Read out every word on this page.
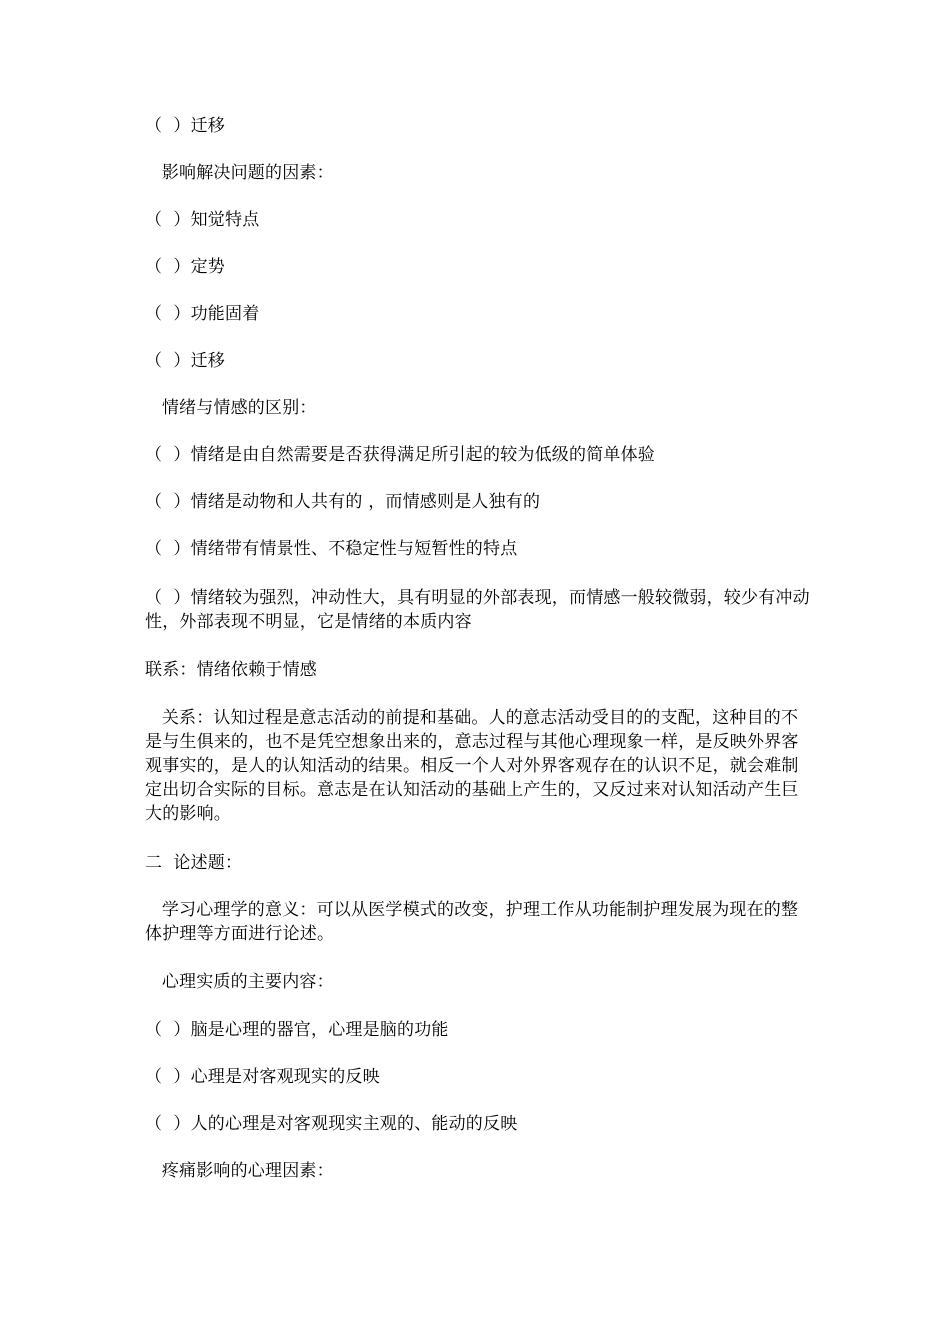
（  ）迁移
影响解决问题的因素：
（  ）知觉特点
（  ）定势
（  ）功能固着
（  ）迁移
情绪与情感的区别：
（  ）情绪是由自然需要是否获得满足所引起的较为低级的简单体验
（  ）情绪是动物和人共有的 ，而情感则是人独有的
（  ）情绪带有情景性、不稳定性与短暂性的特点
（  ）情绪较为强烈，冲动性大，具有明显的外部表现，而情感一般较微弱，较少有冲动性，外部表现不明显，它是情绪的本质内容
联系：情绪依赖于情感
关系：认知过程是意志活动的前提和基础。人的意志活动受目的的支配，这种目的不是与生俱来的，也不是凭空想象出来的，意志过程与其他心理现象一样，是反映外界客观事实的，是人的认知活动的结果。相反一个人对外界客观存在的认识不足，就会难制定出切合实际的目标。意志是在认知活动的基础上产生的，又反过来对认知活动产生巨大的影响。
二  论述题：
学习心理学的意义：可以从医学模式的改变，护理工作从功能制护理发展为现在的整体护理等方面进行论述。
心理实质的主要内容：
（  ）脑是心理的器官，心理是脑的功能
（  ）心理是对客观现实的反映
（  ）人的心理是对客观现实主观的、能动的反映
疼痛影响的心理因素：
